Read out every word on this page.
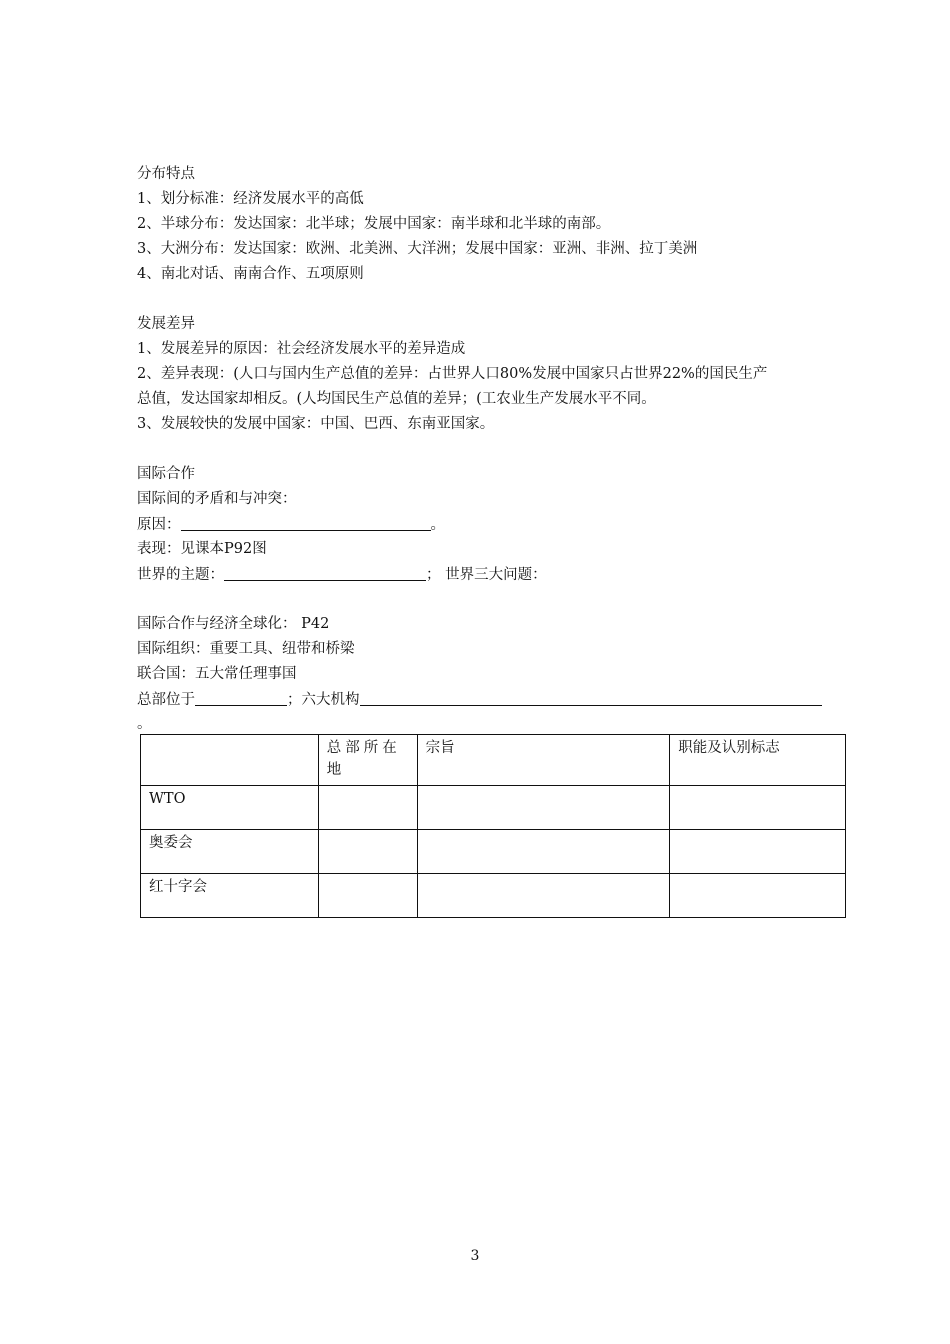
分布特点
1、划分标准：经济发展水平的高低
2、半球分布：发达国家：北半球；发展中国家：南半球和北半球的南部。
3、大洲分布：发达国家：欧洲、北美洲、大洋洲；发展中国家：亚洲、非洲、拉丁美洲
4、南北对话、南南合作、五项原则
发展差异
1、发展差异的原因：社会经济发展水平的差异造成
2、差异表现：(人口与国内生产总值的差异：占世界人口80%发展中国家只占世界22%的国民生产
总值，发达国家却相反。(人均国民生产总值的差异；(工农业生产发展水平不同。
3、发展较快的发展中国家：中国、巴西、东南亚国家。
国际合作
国际间的矛盾和与冲突：
原因：	。
表现：见课本P92图
世界的主题：	； 世界三大问题：
国际合作与经济全球化： P42
国际组织：重要工具、纽带和桥梁
联合国：五大常任理事国
总部位于	；六大机构
。
	总部所在地	宗旨	职能及认别标志
WTO			
奥委会			
红十字会			
3
